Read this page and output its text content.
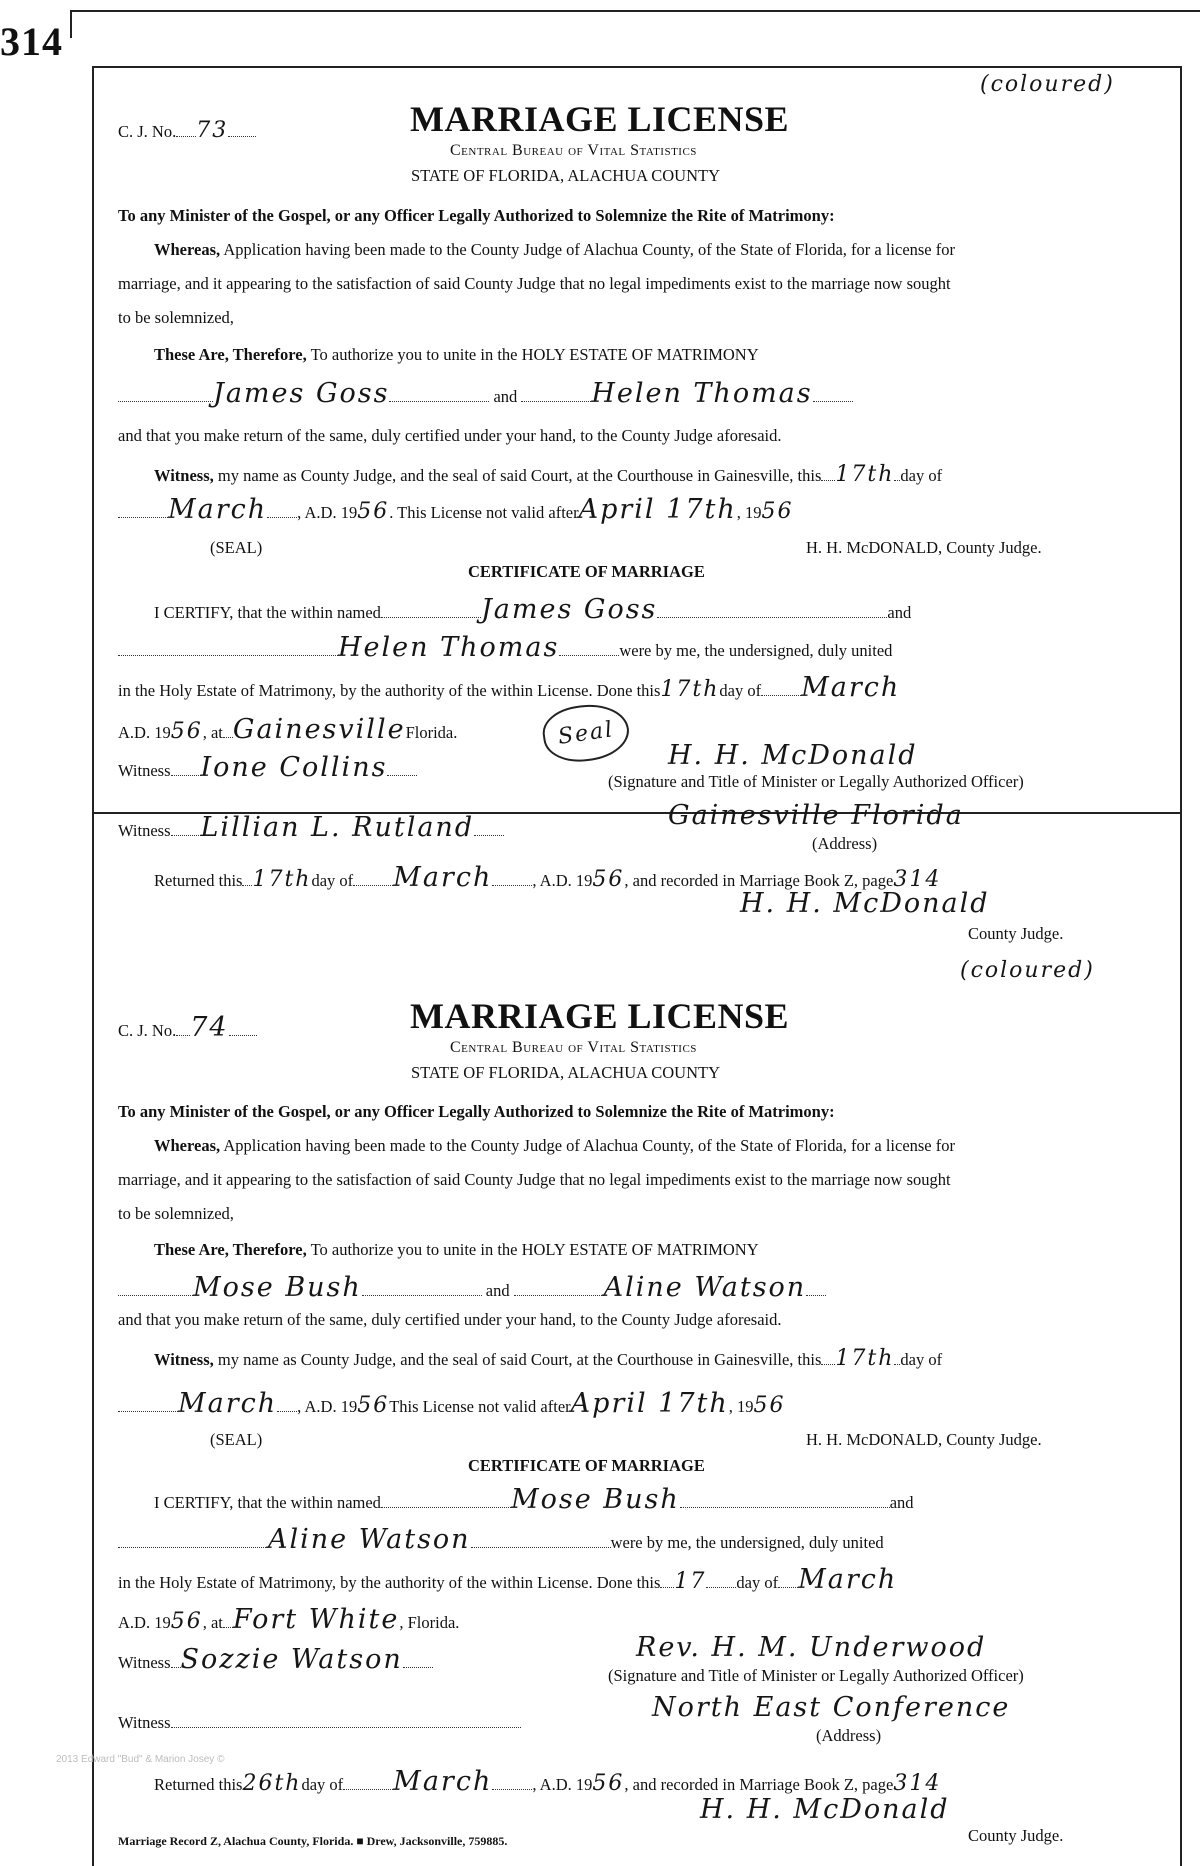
314
C. J. No. 73
(coloured)
MARRIAGE LICENSE
Central Bureau of Vital Statistics
STATE OF FLORIDA, ALACHUA COUNTY
To any Minister of the Gospel, or any Officer Legally Authorized to Solemnize the Rite of Matrimony:
Whereas, Application having been made to the County Judge of Alachua County, of the State of Florida, for a license for
marriage, and it appearing to the satisfaction of said County Judge that no legal impediments exist to the marriage now sought
to be solemnized,
These Are, Therefore, To authorize you to unite in the HOLY ESTATE OF MATRIMONY
James Goss	and	Helen Thomas
and that you make return of the same, duly certified under your hand, to the County Judge aforesaid.
Witness, my name as County Judge, and the seal of said Court, at the Courthouse in Gainesville, this 17th day of
March , A.D. 1956. This License not valid afterApril 17th, 1956
(SEAL)	H. H. McDONALD, County Judge.
CERTIFICATE OF MARRIAGE
I CERTIFY, that the within named	James Goss	and
Helen Thomas	were by me, the undersigned, duly united
in the Holy Estate of Matrimony, by the authority of the within License. Done this17thday of March
A.D. 1956, at GainesvilleFlorida.	Seal
Witness Ione Collins	H. H. McDonald
(Signature and Title of Minister or Legally Authorized Officer)
Witness Lillian L. Rutland	Gainesville Florida
(Address)
Returned this 17thday of March , A.D. 1956, and recorded in Marriage Book Z, page314
H. H. McDonald
County Judge.
(coloured)
C. J. No. 74	MARRIAGE LICENSE
Central Bureau of Vital Statistics
STATE OF FLORIDA, ALACHUA COUNTY
To any Minister of the Gospel, or any Officer Legally Authorized to Solemnize the Rite of Matrimony:
Whereas, Application having been made to the County Judge of Alachua County, of the State of Florida, for a license for
marriage, and it appearing to the satisfaction of said County Judge that no legal impediments exist to the marriage now sought
to be solemnized,
These Are, Therefore, To authorize you to unite in the HOLY ESTATE OF MATRIMONY
Mose Bush	and	Aline Watson
and that you make return of the same, duly certified under your hand, to the County Judge aforesaid.
Witness, my name as County Judge, and the seal of said Court, at the Courthouse in Gainesville, this 17th day of
March , A.D. 1956This License not valid afterApril 17th, 1956
(SEAL)	H. H. McDONALD, County Judge.
CERTIFICATE OF MARRIAGE
I CERTIFY, that the within named	Mose Bush	and
Aline Watson	were by me, the undersigned, duly united
in the Holy Estate of Matrimony, by the authority of the within License. Done this 17 day of March
A.D. 1956, at Fort White, Florida.
Witness Sozzie Watson	Rev. H. M. Underwood
(Signature and Title of Minister or Legally Authorized Officer)
Witness	North East Conference
(Address)
2013 Edward "Bud" & Marion Josey ©
Returned this26thday of March , A.D. 1956, and recorded in Marriage Book Z, page314
H. H. McDonald
County Judge.
Marriage Record Z, Alachua County, Florida. ■ Drew, Jacksonville, 759885.
